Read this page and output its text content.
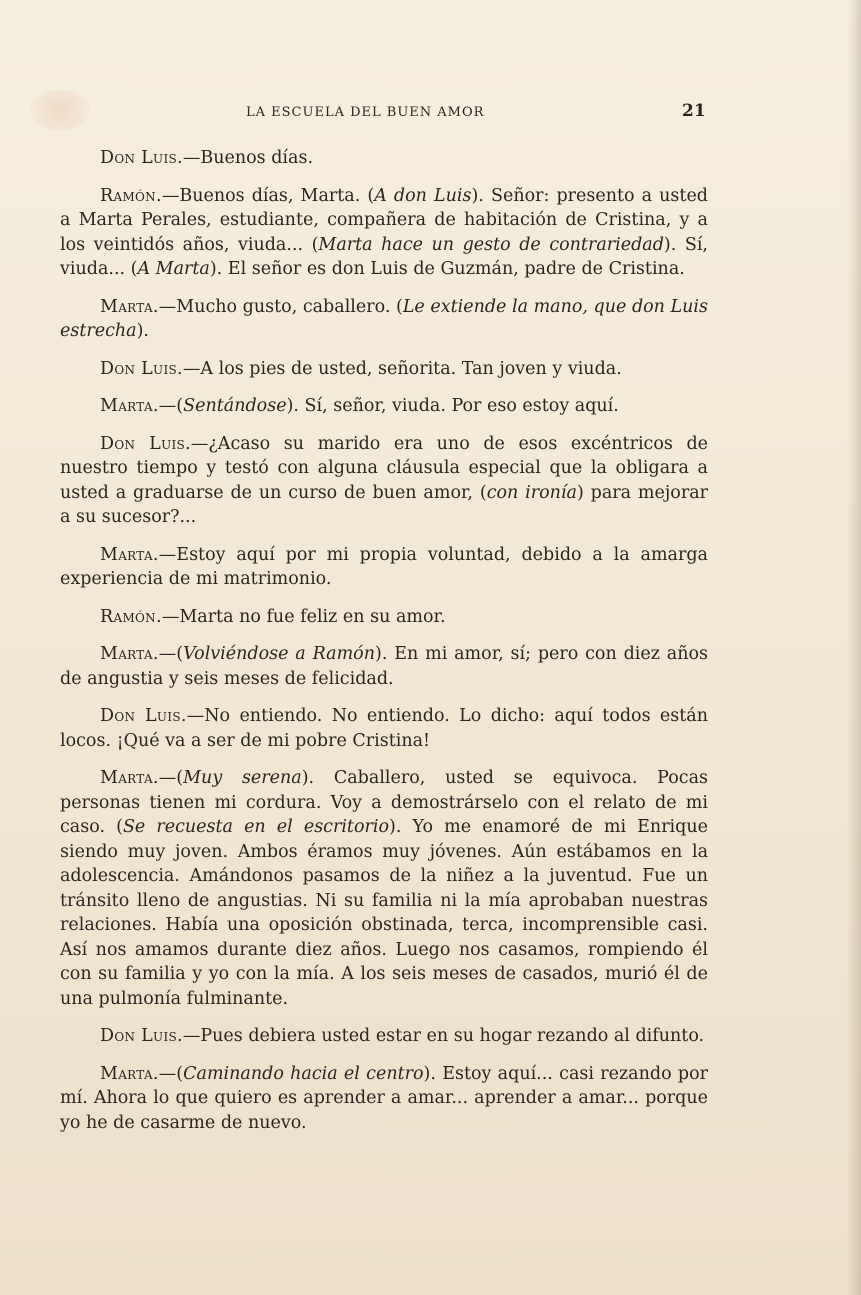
LA ESCUELA DEL BUEN AMOR	21

Don Luis.—Buenos días.

Ramón.—Buenos días, Marta. (A don Luis). Señor: presento a usted a Marta Perales, estudiante, compañera de habitación de Cristina, y a los veintidós años, viuda... (Marta hace un gesto de contrariedad). Sí, viuda... (A Marta). El señor es don Luis de Guzmán, padre de Cristina.

Marta.—Mucho gusto, caballero. (Le extiende la mano, que don Luis estrecha).

Don Luis.—A los pies de usted, señorita. Tan joven y viuda.

Marta.—(Sentándose). Sí, señor, viuda. Por eso estoy aquí.

Don Luis.—¿Acaso su marido era uno de esos excéntricos de nuestro tiempo y testó con alguna cláusula especial que la obligara a usted a graduarse de un curso de buen amor, (con ironía) para mejorar a su sucesor?...

Marta.—Estoy aquí por mi propia voluntad, debido a la amarga experiencia de mi matrimonio.

Ramón.—Marta no fue feliz en su amor.

Marta.—(Volviéndose a Ramón). En mi amor, sí; pero con diez años de angustia y seis meses de felicidad.

Don Luis.—No entiendo. No entiendo. Lo dicho: aquí todos están locos. ¡Qué va a ser de mi pobre Cristina!

Marta.—(Muy serena). Caballero, usted se equivoca. Pocas personas tienen mi cordura. Voy a demostrárselo con el relato de mi caso. (Se recuesta en el escritorio). Yo me enamoré de mi Enrique siendo muy joven. Ambos éramos muy jóvenes. Aún estábamos en la adolescencia. Amándonos pasamos de la niñez a la juventud. Fue un tránsito lleno de angustias. Ni su familia ni la mía aprobaban nuestras relaciones. Había una oposición obstinada, terca, incomprensible casi. Así nos amamos durante diez años. Luego nos casamos, rompiendo él con su familia y yo con la mía. A los seis meses de casados, murió él de una pulmonía fulminante.

Don Luis.—Pues debiera usted estar en su hogar rezando al difunto.

Marta.—(Caminando hacia el centro). Estoy aquí... casi rezando por mí. Ahora lo que quiero es aprender a amar... aprender a amar... porque yo he de casarme de nuevo.
